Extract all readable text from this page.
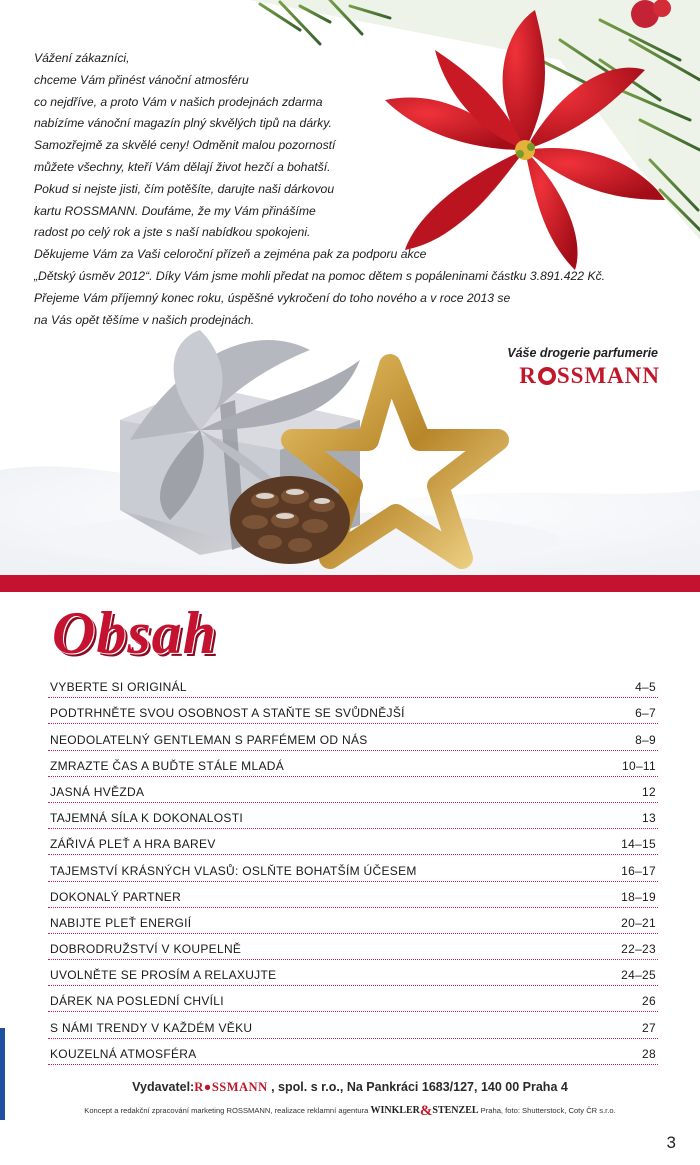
Vážení zákazníci,

chceme Vám přinést vánoční atmosféru

co nejdříve, a proto Vám v našich prodejnách zdarma

nabízíme vánoční magazín plný skvělých tipů na dárky.

Samozřejmě za skvělé ceny! Odměnit malou pozorností

můžete všechny, kteří Vám dělají život hezčí a bohatší.

Pokud si nejste jisti, čím potěšíte, darujte naši dárkovou

kartu ROSSMANN. Doufáme, že my Vám přinášíme

radost po celý rok a jste s naší nabídkou spokojeni.

Děkujeme Vám za Vaši celoroční přízeň a zejména pak za podporu akce

„Dětský úsměv 2012“. Díky Vám jsme mohli předat na pomoc dětem s popáleninami částku 3.891.422 Kč.

Přejeme Vám příjemný konec roku, úspěšné vykročení do toho nového a v roce 2013 se

na Vás opět těšíme v našich prodejnách.

Váše drogerie parfumerie
R SSMANN
Obsah
VYBERTE SI ORIGINÁL	4–5
PODTRHNĚTE SVOU OSOBNOST A STAŇTE SE SVŮDNĚJŠÍ	6–7
NEODOLATELNÝ GENTLEMAN S PARFÉMEM OD NÁS	8–9
ZMRAZTE ČAS A BUĎTE STÁLE MLADÁ	10–11
JASNÁ HVĚZDA	12
TAJEMNÁ SÍLA K DOKONALOSTI	13
ZÁŘIVÁ PLEŤ A HRA BAREV	14–15
TAJEMSTVÍ KRÁSNÝCH VLASŮ: OSLŇTE BOHATŠÍM ÚČESEM	16–17
DOKONALÝ PARTNER	18–19
NABIJTE PLEŤ ENERGIÍ	20–21
DOBRODRUŽSTVÍ V KOUPELNĚ	22–23
UVOLNĚTE SE PROSÍM A RELAXUJTE	24–25
DÁREK NA POSLEDNÍ CHVÍLI	26
S NÁMI TRENDY V KAŽDÉM VĚKU	27
KOUZELNÁ ATMOSFÉRA	28
Vydavatel:R●SSMANN , spol. s r.o., Na Pankráci 1683/127, 140 00 Praha 4
Koncept a redakční zpracování marketing ROSSMANN, realizace reklamní agentura WINKLER&STENZEL Praha, foto: Shutterstock, Coty ČR s.r.o.
3
